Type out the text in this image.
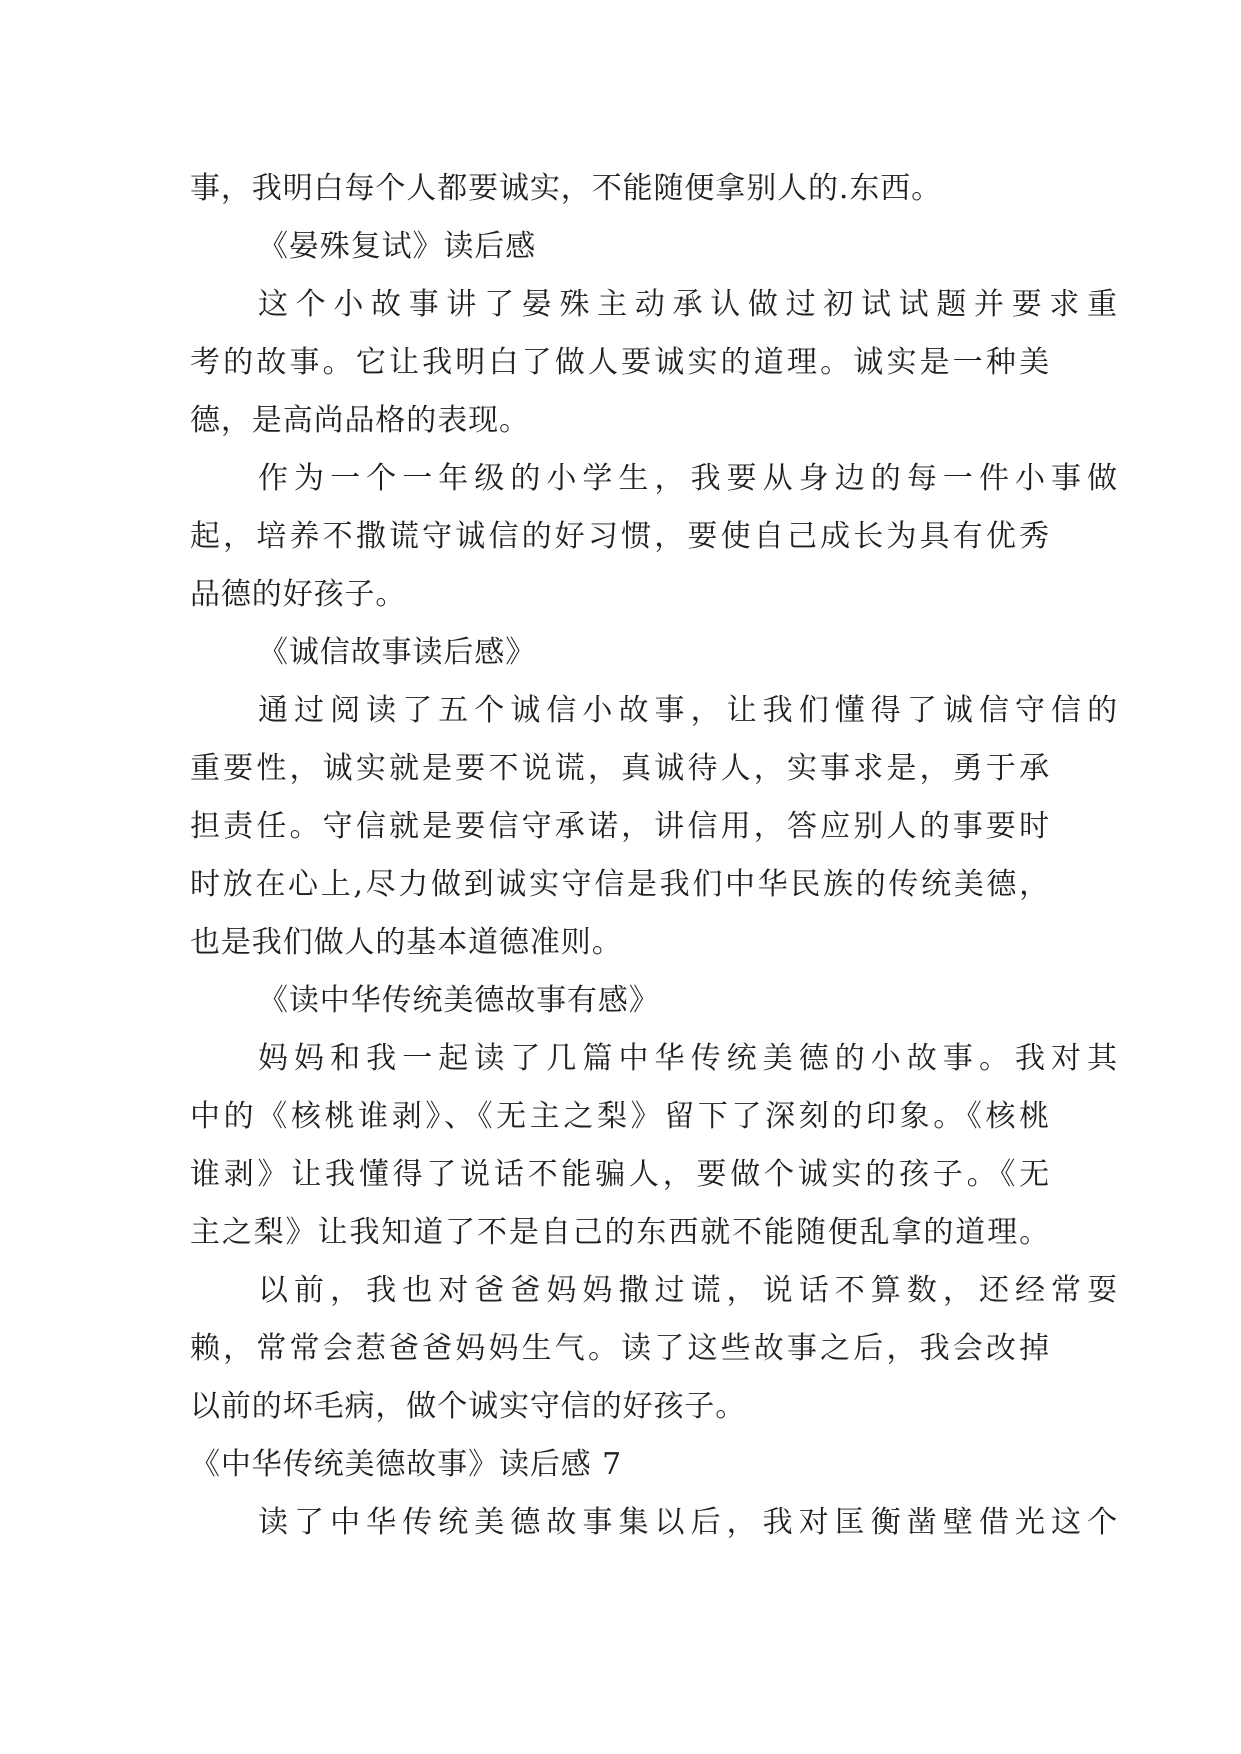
事，我明白每个人都要诚实，不能随便拿别人的.东西。
《晏殊复试》读后感
这个小故事讲了晏殊主动承认做过初试试题并要求重
考的故事。它让我明白了做人要诚实的道理。诚实是一种美
德，是高尚品格的表现。
作为一个一年级的小学生，我要从身边的每一件小事做
起，培养不撒谎守诚信的好习惯，要使自己成长为具有优秀
品德的好孩子。
《诚信故事读后感》
通过阅读了五个诚信小故事，让我们懂得了诚信守信的
重要性，诚实就是要不说谎，真诚待人，实事求是，勇于承
担责任。守信就是要信守承诺，讲信用，答应别人的事要时
时放在心上,尽力做到诚实守信是我们中华民族的传统美德，
也是我们做人的基本道德准则。
《读中华传统美德故事有感》
妈妈和我一起读了几篇中华传统美德的小故事。我对其
中的《核桃谁剥》、《无主之梨》留下了深刻的印象。《核桃
谁剥》让我懂得了说话不能骗人，要做个诚实的孩子。《无
主之梨》让我知道了不是自己的东西就不能随便乱拿的道理。
以前，我也对爸爸妈妈撒过谎，说话不算数，还经常耍
赖，常常会惹爸爸妈妈生气。读了这些故事之后，我会改掉
以前的坏毛病，做个诚实守信的好孩子。
《中华传统美德故事》读后感 7
读了中华传统美德故事集以后，我对匡衡凿壁借光这个
